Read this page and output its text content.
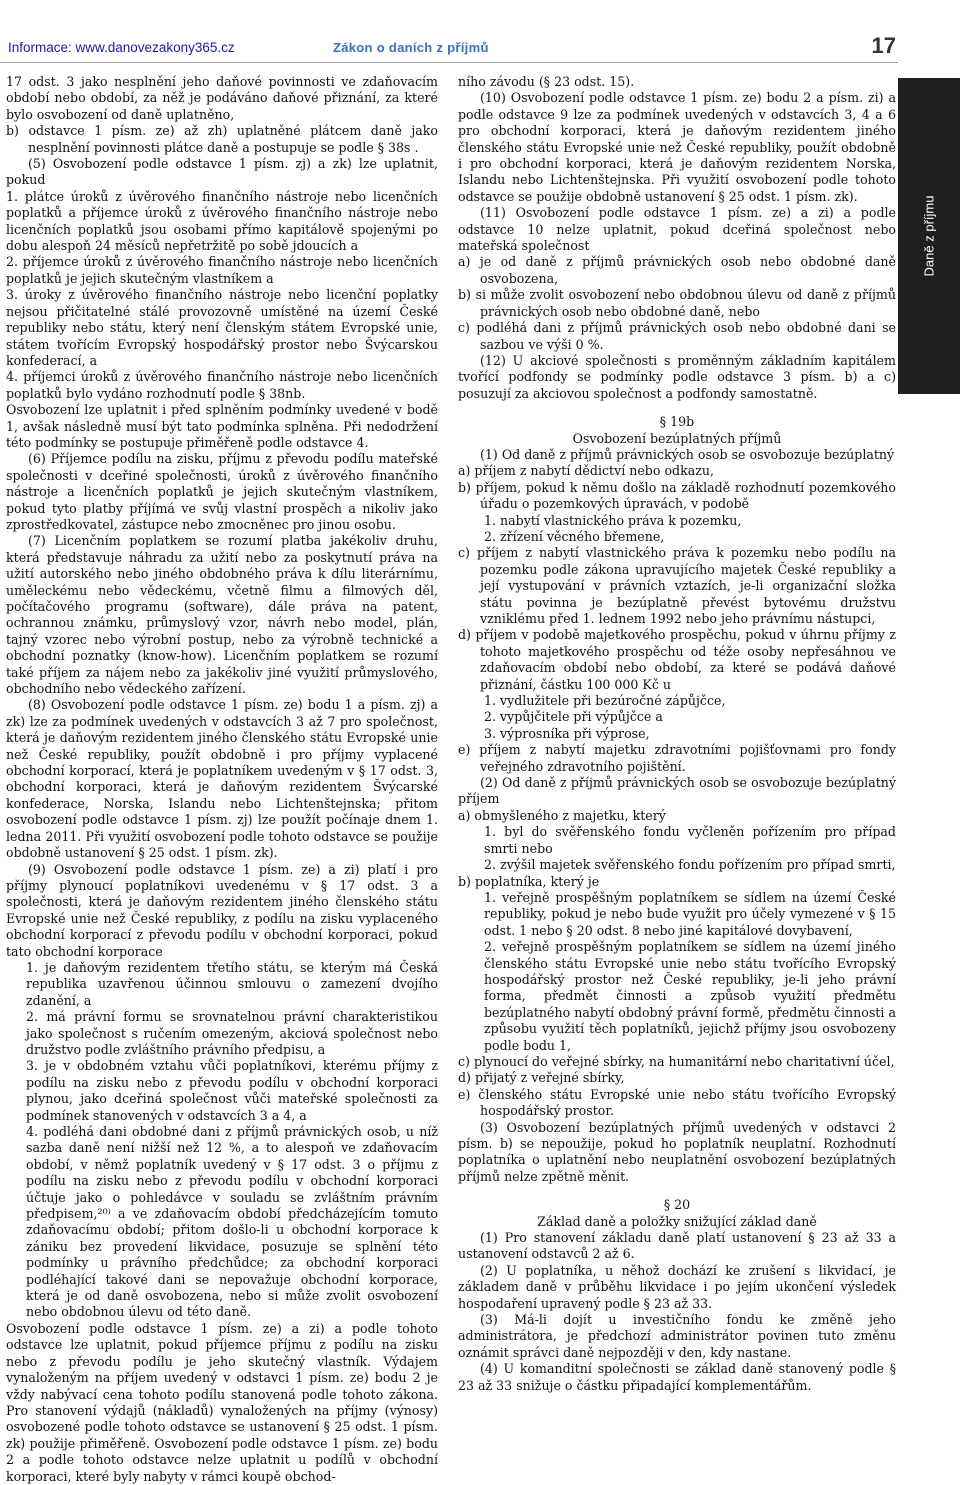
Informace: www.danovezakony365.cz	Zákon o daních z příjmů	17
Daně z příjmu
17 odst. 3 jako nesplnění jeho daňové povinnosti ve zdaňovacím období nebo období, za něž je podáváno daňové přiznání, za které bylo osvobození od daně uplatněno,
b) odstavce 1 písm. ze) až zh) uplatněné plátcem daně jako nesplnění povinnosti plátce daně a postupuje se podle § 38s .
(5) Osvobození podle odstavce 1 písm. zj) a zk) lze uplatnit, pokud
1. plátce úroků z úvěrového finančního nástroje nebo licenčních poplatků a příjemce úroků z úvěrového finančního nástroje nebo licenčních poplatků jsou osobami přímo kapitálově spojenými po dobu alespoň 24 měsíců nepřetržitě po sobě jdoucích a
2. příjemce úroků z úvěrového finančního nástroje nebo licenčních poplatků je jejich skutečným vlastníkem a
3. úroky z úvěrového finančního nástroje nebo licenční poplatky nejsou přičitatelné stálé provozovně umístěné na území České republiky nebo státu, který není členským státem Evropské unie, státem tvořícím Evropský hospodářský prostor nebo Švýcarskou konfederací, a
4. příjemci úroků z úvěrového finančního nástroje nebo licenčních poplatků bylo vydáno rozhodnutí podle § 38nb.
Osvobození lze uplatnit i před splněním podmínky uvedené v bodě 1, avšak následně musí být tato podmínka splněna. Při nedodržení této podmínky se postupuje přiměřeně podle odstavce 4.
(6) Příjemce podílu na zisku, příjmu z převodu podílu mateřské společnosti v dceřiné společnosti, úroků z úvěrového finančního nástroje a licenčních poplatků je jejich skutečným vlastníkem, pokud tyto platby příjímá ve svůj vlastní prospěch a nikoliv jako zprostředkovatel, zástupce nebo zmocněnec pro jinou osobu.
(7) Licenčním poplatkem se rozumí platba jakékoliv druhu, která představuje náhradu za užití nebo za poskytnutí práva na užití autorského nebo jiného obdobného práva k dílu literárnímu, uměleckému nebo vědeckému, včetně filmu a filmových děl, počítačového programu (software), dále práva na patent, ochrannou známku, průmyslový vzor, návrh nebo model, plán, tajný vzorec nebo výrobní postup, nebo za výrobně technické a obchodní poznatky (know-how). Licenčním poplatkem se rozumí také příjem za nájem nebo za jakékoliv jiné využití průmyslového, obchodního nebo vědeckého zařízení.
(8) Osvobození podle odstavce 1 písm. ze) bodu 1 a písm. zj) a zk) lze za podmínek uvedených v odstavcích 3 až 7 pro společnost, která je daňovým rezidentem jiného členského státu Evropské unie než České republiky, použít obdobně i pro příjmy vyplacené obchodní korporací, která je poplatníkem uvedeným v § 17 odst. 3, obchodní korporaci, která je daňovým rezidentem Švýcarské konfederace, Norska, Islandu nebo Lichtenštejnska; přitom osvobození podle odstavce 1 písm. zj) lze použít počínaje dnem 1. ledna 2011. Při využití osvobození podle tohoto odstavce se použije obdobně ustanovení § 25 odst. 1 písm. zk).
(9) Osvobození podle odstavce 1 písm. ze) a zi) platí i pro příjmy plynoucí poplatníkovi uvedenému v § 17 odst. 3 a společnosti, která je daňovým rezidentem jiného členského státu Evropské unie než České republiky, z podílu na zisku vyplaceného obchodní korporací z převodu podílu v obchodní korporaci, pokud tato obchodní korporace
1. je daňovým rezidentem třetího státu, se kterým má Česká republika uzavřenou účinnou smlouvu o zamezení dvojího zdanění, a
2. má právní formu se srovnatelnou právní charakteristikou jako společnost s ručením omezeným, akciová společnost nebo družstvo podle zvláštního právního předpisu, a
3. je v obdobném vztahu vůči poplatníkovi, kterému příjmy z podílu na zisku nebo z převodu podílu v obchodní korporaci plynou, jako dceřiná společnost vůči mateřské společnosti za podmínek stanovených v odstavcích 3 a 4, a
4. podléhá dani obdobné dani z příjmů právnických osob, u níž sazba daně není nižší než 12 %, a to alespoň ve zdaňovacím období, v němž poplatník uvedený v § 17 odst. 3 o příjmu z podílu na zisku nebo z převodu podílu v obchodní korporaci účtuje jako o pohledávce v souladu se zvláštním právním předpisem,²⁰⁾ a ve zdaňovacím období předcházejícím tomuto zdaňovacímu období; přitom došlo-li u obchodní korporace k zániku bez provedení likvidace, posuzuje se splnění této podmínky u právního předchůdce; za obchodní korporaci podléhající takové dani se nepovažuje obchodní korporace, která je od daně osvobozena, nebo si může zvolit osvobození nebo obdobnou úlevu od této daně.
Osvobození podle odstavce 1 písm. ze) a zi) a podle tohoto odstavce lze uplatnit, pokud příjemce příjmu z podílu na zisku nebo z převodu podílu je jeho skutečný vlastník. Výdajem vynaloženým na příjem uvedený v odstavci 1 písm. ze) bodu 2 je vždy nabývací cena tohoto podílu stanovená podle tohoto zákona. Pro stanovení výdajů (nákladů) vynaložených na příjmy (výnosy) osvobozené podle tohoto odstavce se ustanovení § 25 odst. 1 písm. zk) použije přiměřeně. Osvobození podle odstavce 1 písm. ze) bodu 2 a podle tohoto odstavce nelze uplatnit u podílů v obchodní korporaci, které byly nabyty v rámci koupě obchod-
ního závodu (§ 23 odst. 15).
(10) Osvobození podle odstavce 1 písm. ze) bodu 2 a písm. zi) a podle odstavce 9 lze za podmínek uvedených v odstavcích 3, 4 a 6 pro obchodní korporaci, která je daňovým rezidentem jiného členského státu Evropské unie než České republiky, použít obdobně i pro obchodní korporaci, která je daňovým rezidentem Norska, Islandu nebo Lichtenštejnska. Při využití osvobození podle tohoto odstavce se použije obdobně ustanovení § 25 odst. 1 písm. zk).
(11) Osvobození podle odstavce 1 písm. ze) a zi) a podle odstavce 10 nelze uplatnit, pokud dceřiná společnost nebo mateřská společnost
a) je od daně z příjmů právnických osob nebo obdobné daně osvobozena,
b) si může zvolit osvobození nebo obdobnou úlevu od daně z příjmů právnických osob nebo obdobné daně, nebo
c) podléhá dani z příjmů právnických osob nebo obdobné dani se sazbou ve výši 0 %.
(12) U akciové společnosti s proměnným základním kapitálem tvořící podfondy se podmínky podle odstavce 3 písm. b) a c) posuzují za akciovou společnost a podfondy samostatně.
§ 19b
Osvobození bezúplatných příjmů
(1) Od daně z příjmů právnických osob se osvobozuje bezúplatný
a) příjem z nabytí dědictví nebo odkazu,
b) příjem, pokud k němu došlo na základě rozhodnutí pozemkového úřadu o pozemkových úpravách, v podobě
1. nabytí vlastnického práva k pozemku,
2. zřízení věcného břemene,
c) příjem z nabytí vlastnického práva k pozemku nebo podílu na pozemku podle zákona upravujícího majetek České republiky a její vystupování v právních vztazích, je-li organizační složka státu povinna je bezúplatně převést bytovému družstvu vzniklému před 1. lednem 1992 nebo jeho právnímu nástupci,
d) příjem v podobě majetkového prospěchu, pokud v úhrnu příjmy z tohoto majetkového prospěchu od téže osoby nepřesáhnou ve zdaňovacím období nebo období, za které se podává daňové přiznání, částku 100 000 Kč u
1. vydlužitele při bezúročné zápůjčce,
2. vypůjčitele při výpůjčce a
3. výprosníka při výprose,
e) příjem z nabytí majetku zdravotními pojišťovnami pro fondy veřejného zdravotního pojištění.
(2) Od daně z příjmů právnických osob se osvobozuje bezúplatný příjem
a) obmyšleného z majetku, který
1. byl do svěřenského fondu vyčleněn pořízením pro případ smrti nebo
2. zvýšil majetek svěřenského fondu pořízením pro případ smrti,
b) poplatníka, který je
1. veřejně prospěšným poplatníkem se sídlem na území České republiky, pokud je nebo bude využit pro účely vymezené v § 15 odst. 1 nebo § 20 odst. 8 nebo jiné kapitálové dovybavení,
2. veřejně prospěšným poplatníkem se sídlem na území jiného členského státu Evropské unie nebo státu tvořícího Evropský hospodářský prostor než České republiky, je-li jeho právní forma, předmět činnosti a způsob využití předmětu bezúplatného nabytí obdobný právní formě, předmětu činnosti a způsobu využití těch poplatníků, jejichž příjmy jsou osvobozeny podle bodu 1,
c) plynoucí do veřejné sbírky, na humanitární nebo charitativní účel,
d) přijatý z veřejné sbírky,
e) členského státu Evropské unie nebo státu tvořícího Evropský hospodářský prostor.
(3) Osvobození bezúplatných příjmů uvedených v odstavci 2 písm. b) se nepoužije, pokud ho poplatník neuplatní. Rozhodnutí poplatníka o uplatnění nebo neuplatnění osvobození bezúplatných příjmů nelze zpětně měnit.
§ 20
Základ daně a položky snižující základ daně
(1) Pro stanovení základu daně platí ustanovení § 23 až 33 a ustanovení odstavců 2 až 6.
(2) U poplatníka, u něhož dochází ke zrušení s likvidací, je základem daně v průběhu likvidace i po jejím ukončení výsledek hospodaření upravený podle § 23 až 33.
(3) Má-li dojít u investičního fondu ke změně jeho administrátora, je předchozí administrátor povinen tuto změnu oznámit správci daně nejpozději v den, kdy nastane.
(4) U komanditní společnosti se základ daně stanovený podle § 23 až 33 snižuje o částku připadající komplementářům.
